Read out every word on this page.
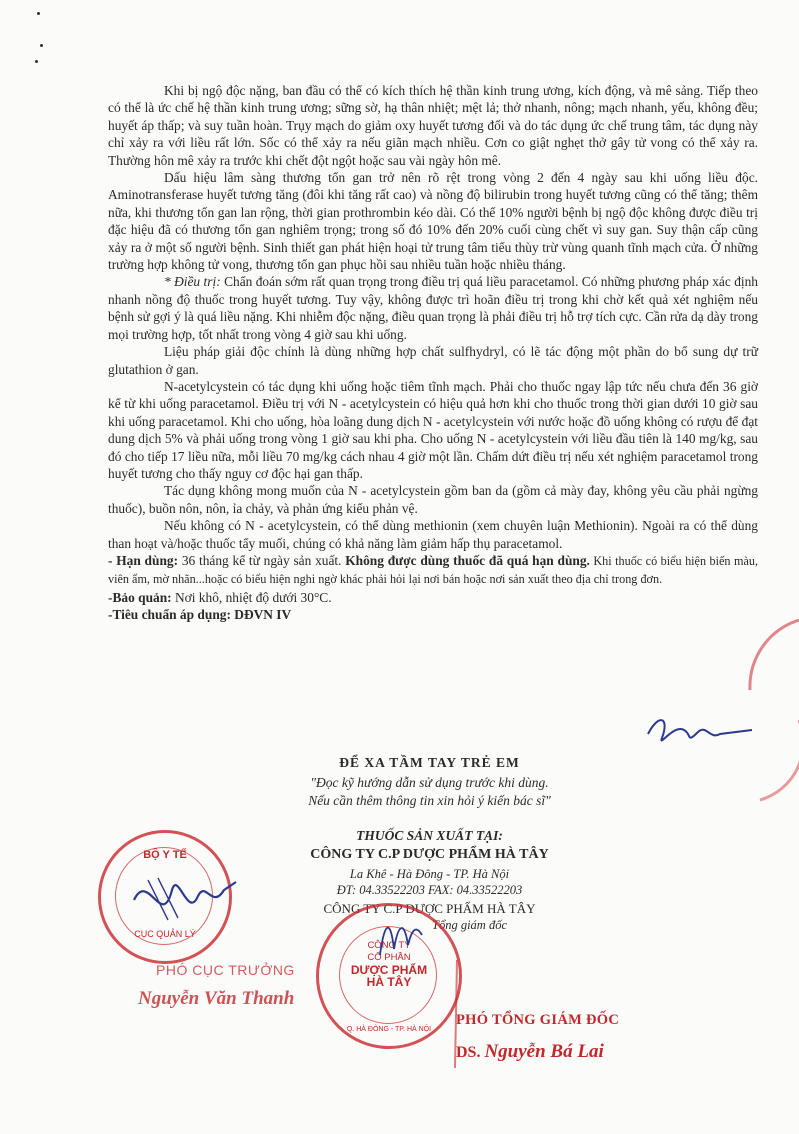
Khi bị ngộ độc nặng, ban đầu có thể có kích thích hệ thần kinh trung ương, kích động, và mê sảng. Tiếp theo có thể là ức chế hệ thần kinh trung ương; sững sờ, hạ thân nhiệt; mệt lả; thở nhanh, nông; mạch nhanh, yếu, không đều; huyết áp thấp; và suy tuần hoàn. Trụy mạch do giảm oxy huyết tương đối và do tác dụng ức chế trung tâm, tác dụng này chỉ xảy ra với liều rất lớn. Sốc có thể xảy ra nếu giãn mạch nhiều. Cơn co giật nghẹt thở gây tử vong có thể xảy ra. Thường hôn mê xảy ra trước khi chết đột ngột hoặc sau vài ngày hôn mê.

Dấu hiệu lâm sàng thương tổn gan trở nên rõ rệt trong vòng 2 đến 4 ngày sau khi uống liều độc. Aminotransferase huyết tương tăng (đôi khi tăng rất cao) và nồng độ bilirubin trong huyết tương cũng có thể tăng; thêm nữa, khi thương tổn gan lan rộng, thời gian prothrombin kéo dài. Có thể 10% người bệnh bị ngộ độc không được điều trị đặc hiệu đã có thương tổn gan nghiêm trọng; trong số đó 10% đến 20% cuối cùng chết vì suy gan. Suy thận cấp cũng xảy ra ở một số người bệnh. Sinh thiết gan phát hiện hoại tử trung tâm tiểu thùy trừ vùng quanh tĩnh mạch cửa. Ở những trường hợp không tử vong, thương tổn gan phục hồi sau nhiều tuần hoặc nhiều tháng.

* Điều trị: Chẩn đoán sớm rất quan trọng trong điều trị quá liều paracetamol. Có những phương pháp xác định nhanh nồng độ thuốc trong huyết tương. Tuy vậy, không được trì hoãn điều trị trong khi chờ kết quả xét nghiệm nếu bệnh sử gợi ý là quá liều nặng. Khi nhiễm độc nặng, điều quan trọng là phải điều trị hỗ trợ tích cực. Cần rửa dạ dày trong mọi trường hợp, tốt nhất trong vòng 4 giờ sau khi uống.

Liệu pháp giải độc chính là dùng những hợp chất sulfhydryl, có lẽ tác động một phần do bổ sung dự trữ glutathion ở gan.

N-acetylcystein có tác dụng khi uống hoặc tiêm tĩnh mạch. Phải cho thuốc ngay lập tức nếu chưa đến 36 giờ kể từ khi uống paracetamol. Điều trị với N - acetylcystein có hiệu quả hơn khi cho thuốc trong thời gian dưới 10 giờ sau khi uống paracetamol. Khi cho uống, hòa loãng dung dịch N - acetylcystein với nước hoặc đồ uống không có rượu để đạt dung dịch 5% và phải uống trong vòng 1 giờ sau khi pha. Cho uống N - acetylcystein với liều đầu tiên là 140 mg/kg, sau đó cho tiếp 17 liều nữa, mỗi liều 70 mg/kg cách nhau 4 giờ một lần. Chấm dứt điều trị nếu xét nghiệm paracetamol trong huyết tương cho thấy nguy cơ độc hại gan thấp.

Tác dụng không mong muốn của N - acetylcystein gồm ban da (gồm cả mày đay, không yêu cầu phải ngừng thuốc), buồn nôn, nôn, ỉa chảy, và phản ứng kiểu phản vệ.

Nếu không có N - acetylcystein, có thể dùng methionin (xem chuyên luận Methionin). Ngoài ra có thể dùng than hoạt và/hoặc thuốc tẩy muối, chúng có khả năng làm giảm hấp thụ paracetamol.

- Hạn dùng: 36 tháng kể từ ngày sản xuất. Không được dùng thuốc đã quá hạn dùng. Khi thuốc có biểu hiện biến màu, viên ẩm, mờ nhãn...hoặc có biểu hiện nghi ngờ khác phải hỏi lại nơi bán hoặc nơi sản xuất theo địa chỉ trong đơn.

-Bảo quản: Nơi khô, nhiệt độ dưới 30°C.

-Tiêu chuẩn áp dụng: DĐVN IV

ĐỂ XA TẦM TAY TRẺ EM
"Đọc kỹ hướng dẫn sử dụng trước khi dùng.
Nếu cần thêm thông tin xin hỏi ý kiến bác sĩ"
THUỐC SẢN XUẤT TẠI:
CÔNG TY C.P DƯỢC PHẨM HÀ TÂY
La Khê - Hà Đông - TP. Hà Nội
ĐT: 04.33522203 FAX: 04.33522203
CÔNG TY C.P DƯỢC PHẨM HÀ TÂY
Tổng giám đốc
BỘ Y TẾ
CỤC QUẢN LÝ
PHÓ CỤC TRƯỞNG
Nguyễn Văn Thanh
CÔNG TY
CỔ PHẦN
DƯỢC PHẨM
HÀ TÂY
Q. HÀ ĐÔNG - TP. HÀ NỘI
PHÓ TỔNG GIÁM ĐỐC
DS. Nguyễn Bá Lai
